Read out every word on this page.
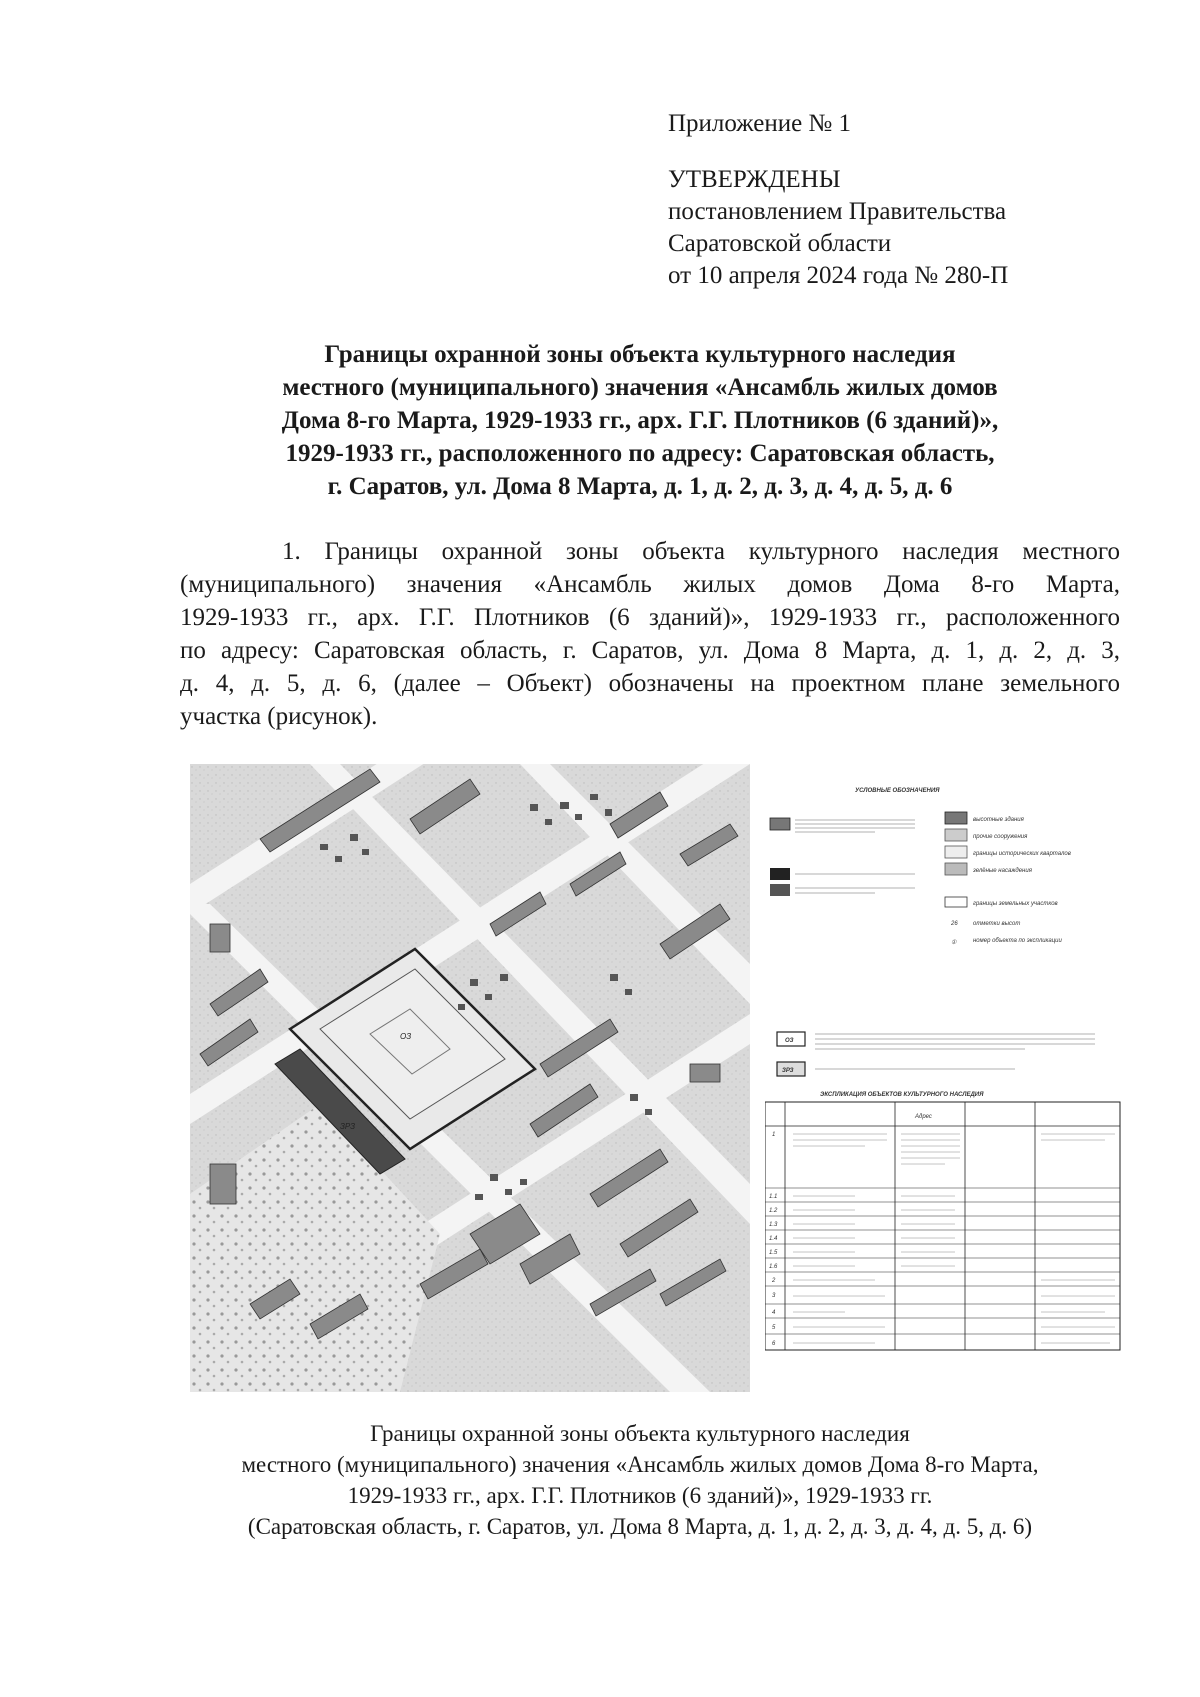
Приложение № 1
УТВЕРЖДЕНЫ
постановлением Правительства
Саратовской области
от 10 апреля 2024 года № 280-П
Границы охранной зоны объекта культурного наследия
местного (муниципального) значения «Ансамбль жилых домов
Дома 8-го Марта, 1929-1933 гг., арх. Г.Г. Плотников (6 зданий)»,
1929-1933 гг., расположенного по адресу: Саратовская область,
г. Саратов, ул. Дома 8 Марта, д. 1, д. 2, д. 3, д. 4, д. 5, д. 6
1. Границы охранной зоны объекта культурного наследия местного
(муниципального) значения «Ансамбль жилых домов Дома 8-го Марта,
1929-1933 гг., арх. Г.Г. Плотников (6 зданий)», 1929-1933 гг., расположенного
по адресу: Саратовская область, г. Саратов, ул. Дома 8 Марта, д. 1, д. 2, д. 3,
д. 4, д. 5, д. 6, (далее – Объект) обозначены на проектном плане земельного
участка (рисунок).
ОЗ
ЗРЗ
УСЛОВНЫЕ ОБОЗНАЧЕНИЯ
высотные здания
прочие сооружения
границы исторических кварталов
зелёные насаждения
границы земельных участков
26	отметки высот
①	номер объекта по экспликации
ОЗ
ЗРЗ
ЭКСПЛИКАЦИЯ ОБЪЕКТОВ КУЛЬТУРНОГО НАСЛЕДИЯ
Адрес
1
1.1
1.2
1.3
1.4
1.5
1.6
2
3
4
5
6
Границы охранной зоны объекта культурного наследия
местного (муниципального) значения «Ансамбль жилых домов Дома 8-го Марта,
1929-1933 гг., арх. Г.Г. Плотников (6 зданий)», 1929-1933 гг.
(Саратовская область, г. Саратов, ул. Дома 8 Марта, д. 1, д. 2, д. 3, д. 4, д. 5, д. 6)
